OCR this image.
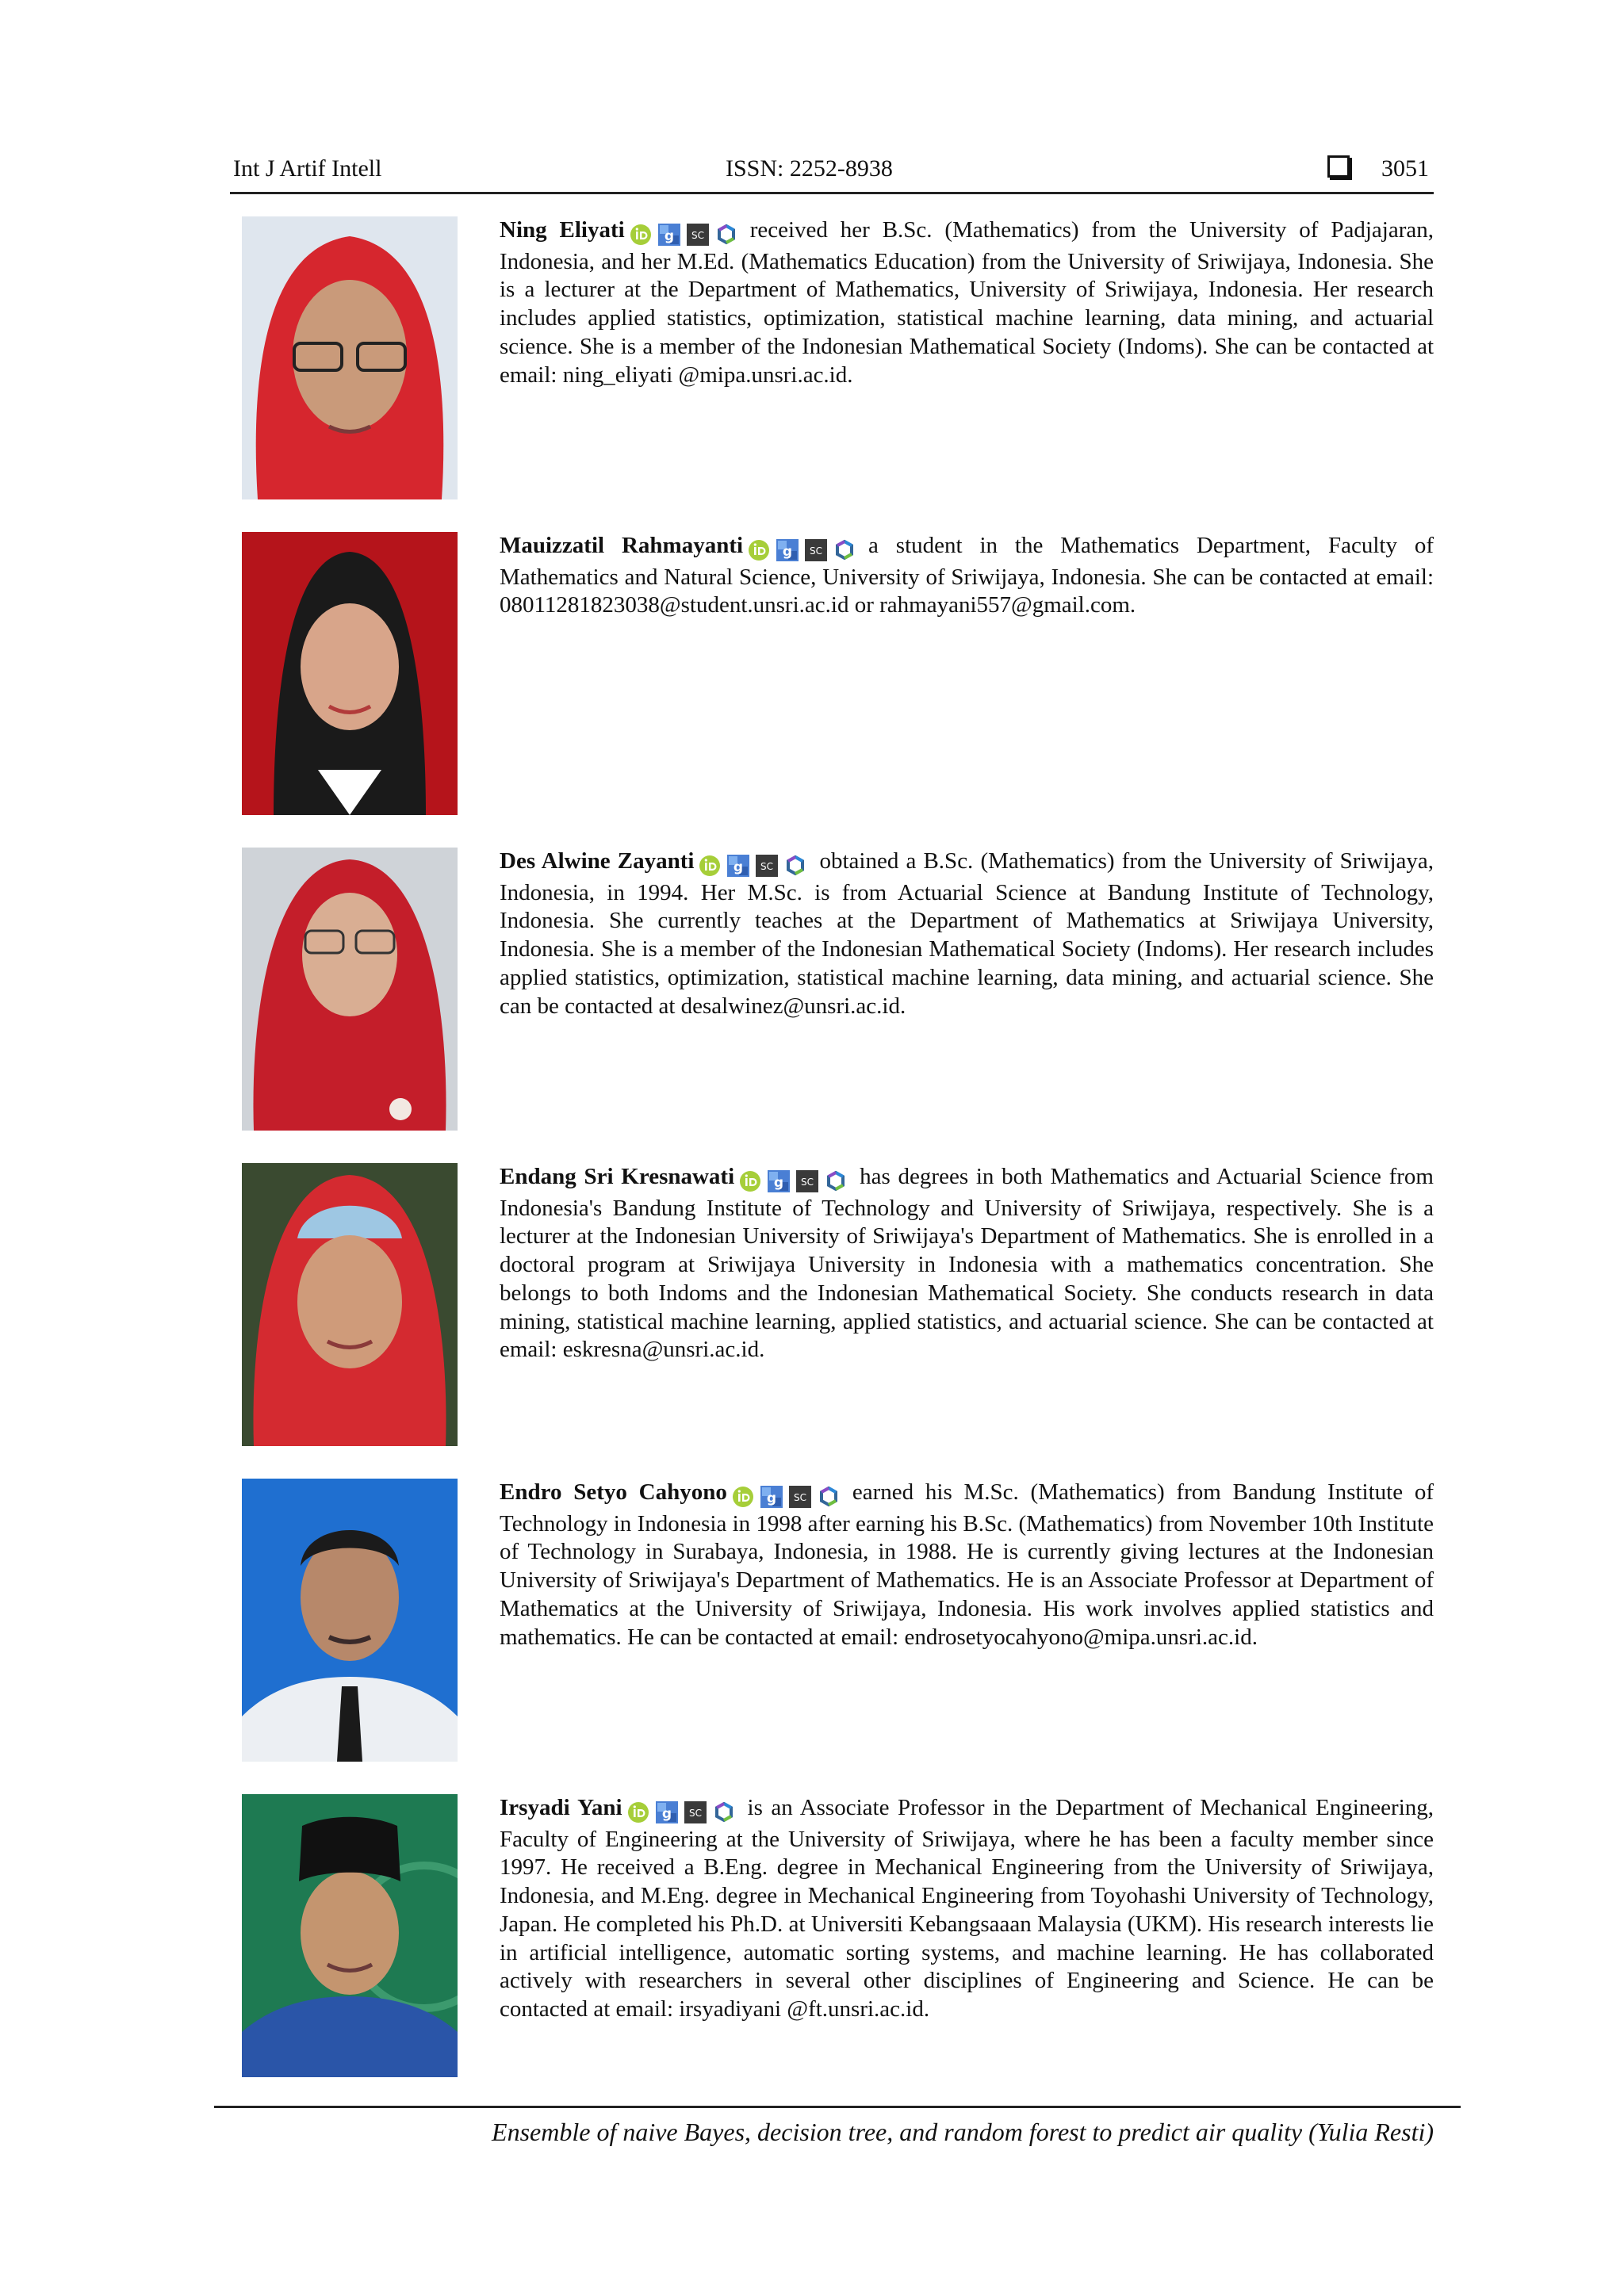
Int J Artif Intell	ISSN: 2252-8938	3051
Ning Eliyati	received her B.Sc. (Mathematics) from the University of Padjajaran, Indonesia, and her M.Ed. (Mathematics Education) from the University of Sriwijaya, Indonesia. She is a lecturer at the Department of Mathematics, University of Sriwijaya, Indonesia. Her research includes applied statistics, optimization, statistical machine learning, data mining, and actuarial science. She is a member of the Indonesian Mathematical Society (Indoms). She can be contacted at email: ning_eliyati @mipa.unsri.ac.id.
Mauizzatil Rahmayanti	a student in the Mathematics Department, Faculty of Mathematics and Natural Science, University of Sriwijaya, Indonesia. She can be contacted at email: 08011281823038@student.unsri.ac.id or rahmayani557@gmail.com.
Des Alwine Zayanti	obtained a B.Sc. (Mathematics) from the University of Sriwijaya, Indonesia, in 1994. Her M.Sc. is from Actuarial Science at Bandung Institute of Technology, Indonesia. She currently teaches at the Department of Mathematics at Sriwijaya University, Indonesia. She is a member of the Indonesian Mathematical Society (Indoms). Her research includes applied statistics, optimization, statistical machine learning, data mining, and actuarial science. She can be contacted at desalwinez@unsri.ac.id.
Endang Sri Kresnawati	has degrees in both Mathematics and Actuarial Science from Indonesia's Bandung Institute of Technology and University of Sriwijaya, respectively. She is a lecturer at the Indonesian University of Sriwijaya's Department of Mathematics. She is enrolled in a doctoral program at Sriwijaya University in Indonesia with a mathematics concentration. She belongs to both Indoms and the Indonesian Mathematical Society. She conducts research in data mining, statistical machine learning, applied statistics, and actuarial science. She can be contacted at email: eskresna@unsri.ac.id.
Endro Setyo Cahyono	earned his M.Sc. (Mathematics) from Bandung Institute of Technology in Indonesia in 1998 after earning his B.Sc. (Mathematics) from November 10th Institute of Technology in Surabaya, Indonesia, in 1988. He is currently giving lectures at the Indonesian University of Sriwijaya's Department of Mathematics. He is an Associate Professor at Department of Mathematics at the University of Sriwijaya, Indonesia. His work involves applied statistics and mathematics. He can be contacted at email: endrosetyocahyono@mipa.unsri.ac.id.
Irsyadi Yani	is an Associate Professor in the Department of Mechanical Engineering, Faculty of Engineering at the University of Sriwijaya, where he has been a faculty member since 1997. He received a B.Eng. degree in Mechanical Engineering from the University of Sriwijaya, Indonesia, and M.Eng. degree in Mechanical Engineering from Toyohashi University of Technology, Japan. He completed his Ph.D. at Universiti Kebangsaaan Malaysia (UKM). His research interests lie in artificial intelligence, automatic sorting systems, and machine learning. He has collaborated actively with researchers in several other disciplines of Engineering and Science. He can be contacted at email: irsyadiyani @ft.unsri.ac.id.
Ensemble of naive Bayes, decision tree, and random forest to predict air quality (Yulia Resti)
